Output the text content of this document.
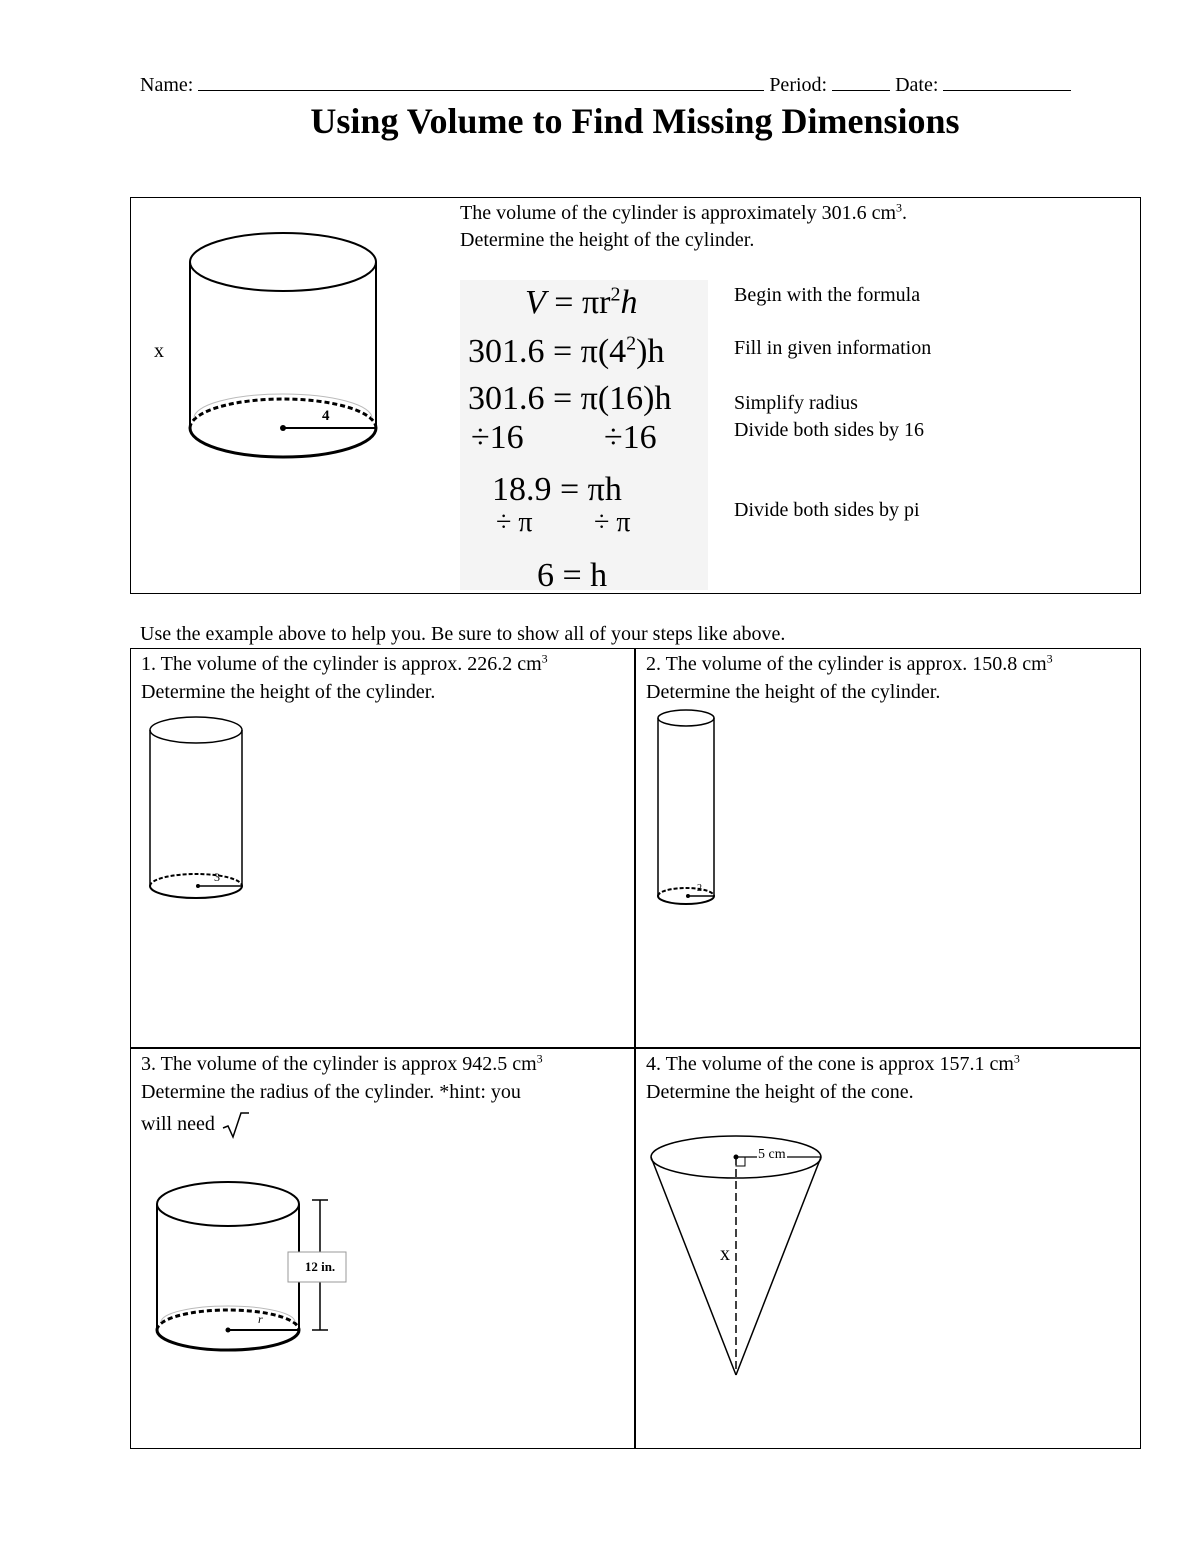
Name:	Period:	Date:
Using Volume to Find Missing Dimensions
x
4
The volume of the cylinder is approximately 301.6 $cm^3$.
Determine the height of the cylinder.
$V = \pi r^2h$
$301.6 = \pi(4^2)h$
301.6 = π(16)h
÷16 ÷16
18.9 = πh
÷ π ÷ π
6 = h
Begin with the formula
Fill in given information
Simplify radius
Divide both sides by 16
Divide both sides by pi
Use the example above to help you. Be sure to show all of your steps like above.
1. The volume of the cylinder is approx. 226.2 $cm^3$
Determine the height of the cylinder.
3
2. The volume of the cylinder is approx. 150.8 $cm^3$
Determine the height of the cylinder.
2
3. The volume of the cylinder is approx 942.5 $cm^3$
Determine the radius of the cylinder. *hint: you
will need
12 in.
r
4. The volume of the cone is approx 157.1 $cm^3$
Determine the height of the cone.
5 cm
x
